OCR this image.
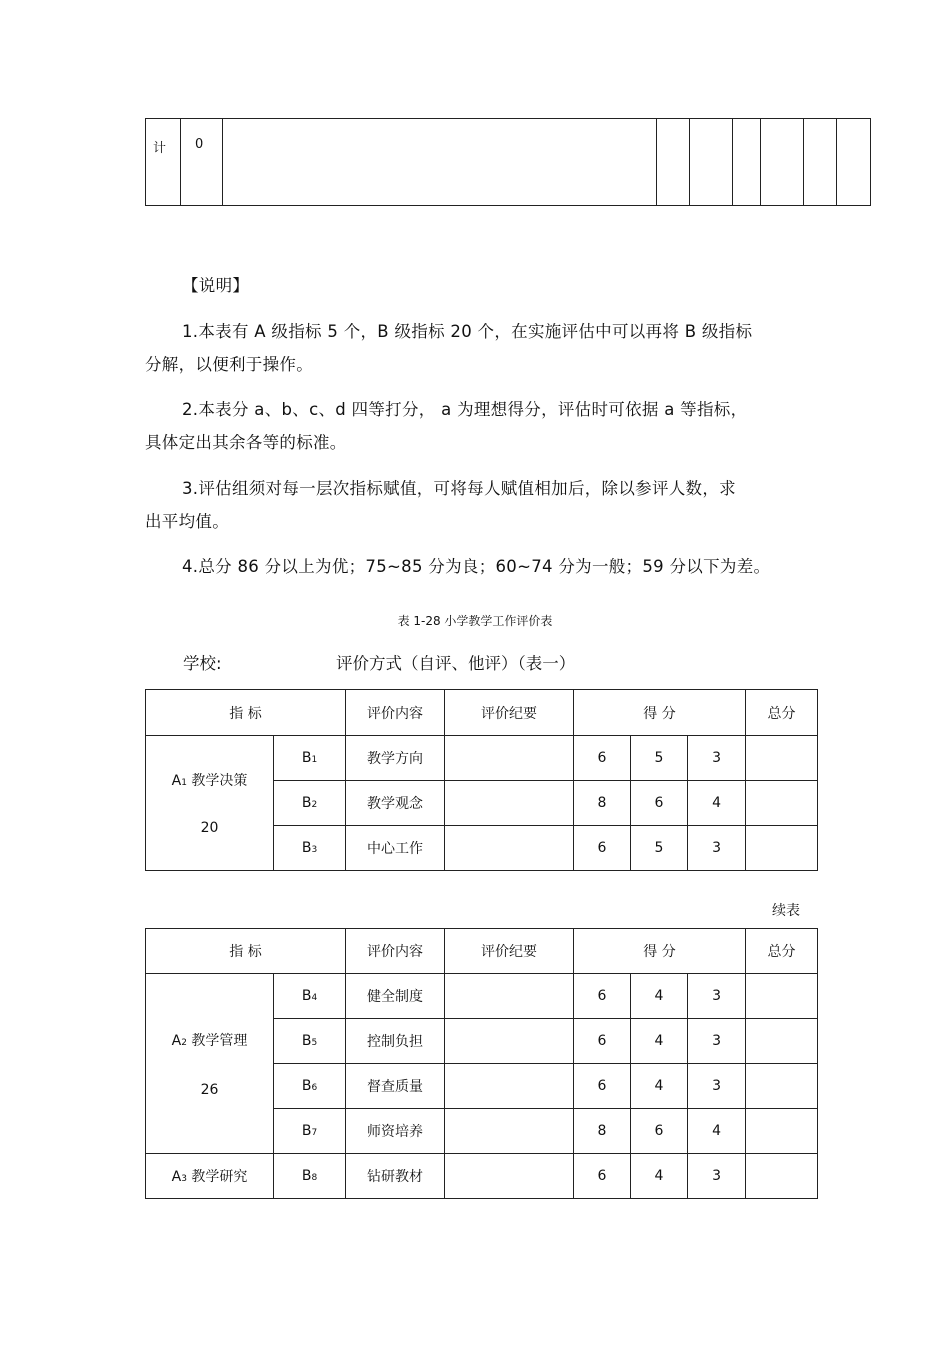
计	0							
【说明】
1.本表有 A 级指标 5 个，B 级指标 20 个，在实施评估中可以再将 B 级指标
分解，以便利于操作。
2.本表分 a、b、c、d 四等打分， a 为理想得分，评估时可依据 a 等指标，
具体定出其余各等的标准。
3.评估组须对每一层次指标赋值，可将每人赋值相加后，除以参评人数，求
出平均值。
4.总分 86 分以上为优；75~85 分为良；60~74 分为一般；59 分以下为差。
表 1-28 小学教学工作评价表
学校:	评价方式（自评、他评）（表一）
指 标		评价内容	评价纪要	得 分			总分

A1 教学决策
20	B1	教学方向		6	5	3	
	B2	教学观念		8	6	4	
	B3	中心工作		6	5	3	
续表
指 标		评价内容	评价纪要	得 分			总分

A2 教学管理
26	B4	健全制度		6	4	3	
	B5	控制负担		6	4	3	
	B6	督查质量		6	4	3	
	B7	师资培养		8	6	4	
A3 教学研究	B8	钻研教材		6	4	3	
